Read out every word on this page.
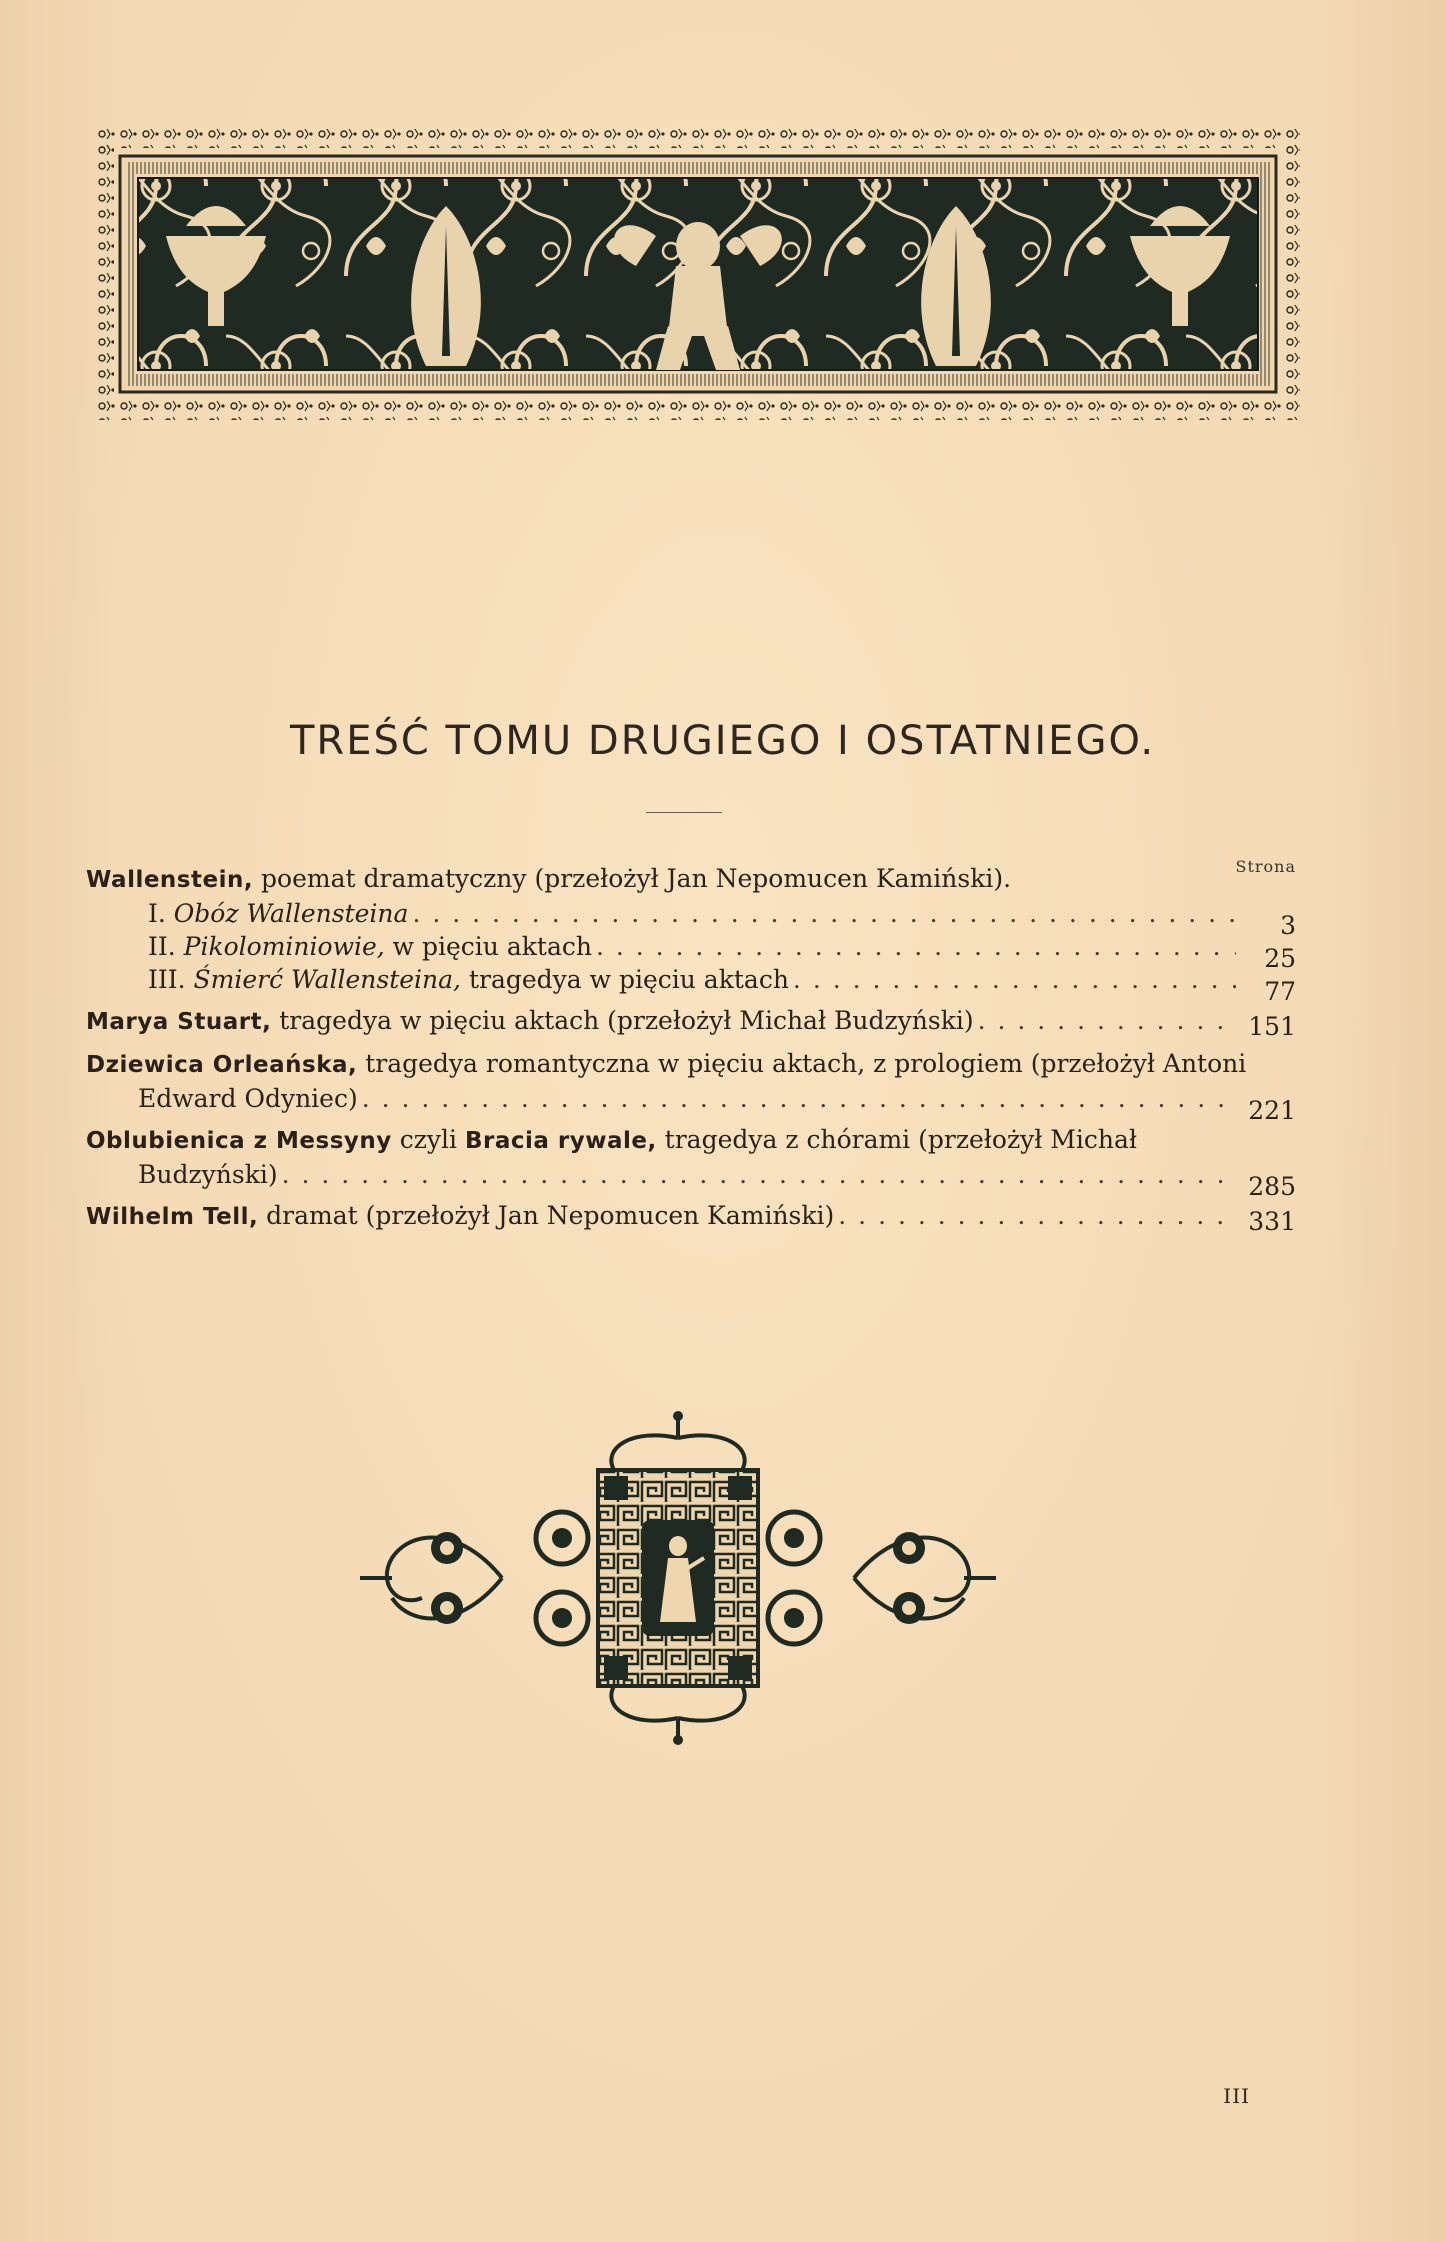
TREŚĆ TOMU DRUGIEGO I OSTATNIEGO.
Strona
Wallenstein, poemat dramatyczny (przełożył Jan Nepomucen Kamiński).
I. Obóz Wallensteina . . .	3
II. Pikolominiowie, w pięciu aktach . . .	25
III. Śmierć Wallensteina, tragedya w pięciu aktach . . .	77
Marya Stuart, tragedya w pięciu aktach (przełożył Michał Budzyński) . . .	151
Dziewica Orleańska, tragedya romantyczna w pięciu aktach, z prologiem (przełożył Antoni
Edward Odyniec) . . .	221
Oblubienica z Messyny czyli Bracia rywale, tragedya z chórami (przełożył Michał
Budzyński) . . .	285
Wilhelm Tell, dramat (przełożył Jan Nepomucen Kamiński) . . .	331
III
